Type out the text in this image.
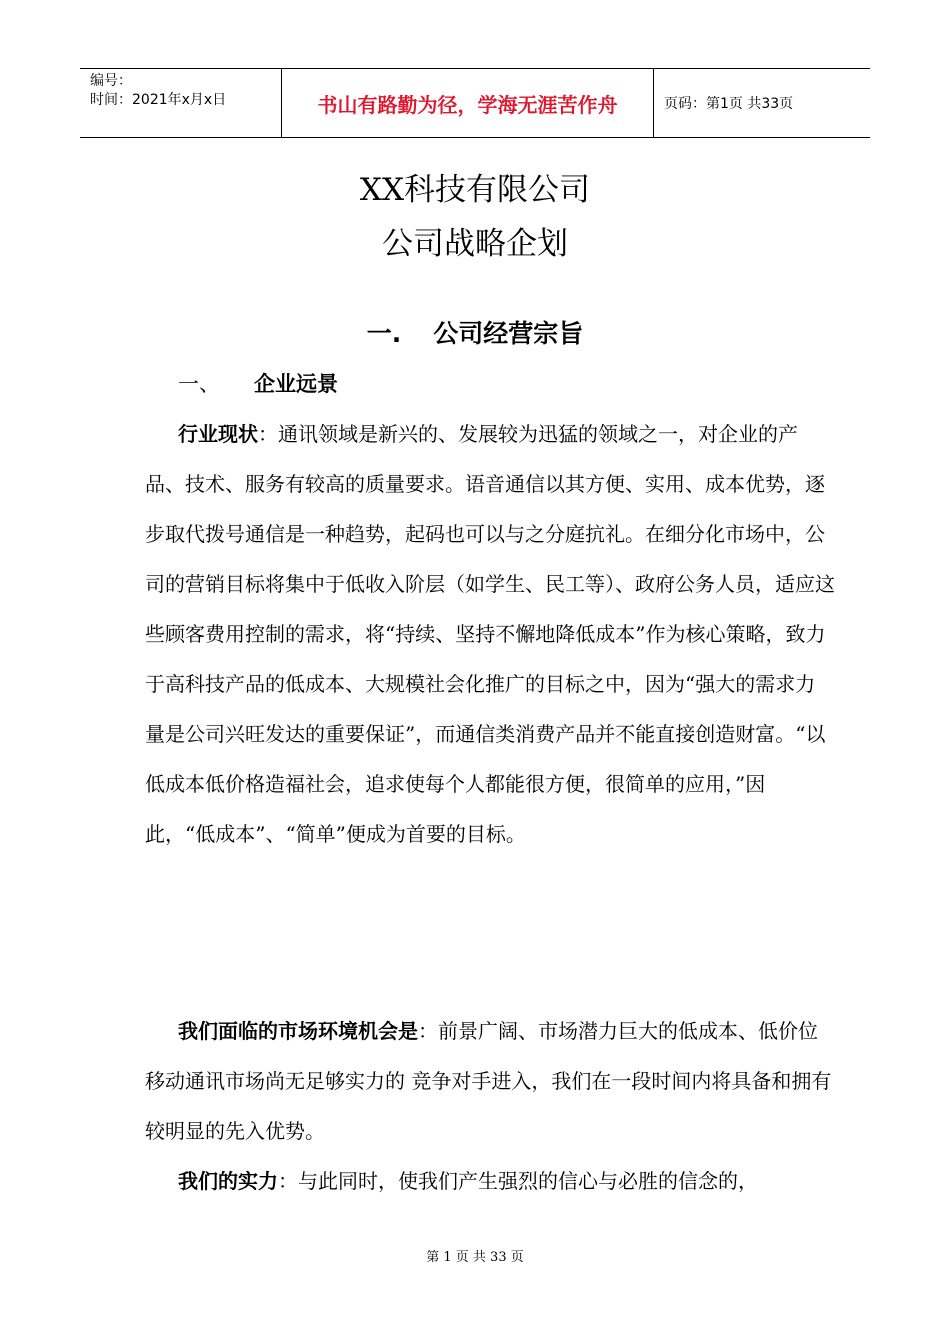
编号：
时间：2021年x月x日	书山有路勤为径，学海无涯苦作舟	页码：第1页 共33页
XX科技有限公司
公司战略企划
一. 公司经营宗旨
一、 企业远景

行业现状：通讯领域是新兴的、发展较为迅猛的领域之一，对企业的产品、技术、服务有较高的质量要求。语音通信以其方便、实用、成本优势，逐步取代拨号通信是一种趋势，起码也可以与之分庭抗礼。在细分化市场中，公司的营销目标将集中于低收入阶层（如学生、民工等）、政府公务人员，适应这些顾客费用控制的需求，将“持续、坚持不懈地降低成本”作为核心策略，致力于高科技产品的低成本、大规模社会化推广的目标之中，因为“强大的需求力量是公司兴旺发达的重要保证”，而通信类消费产品并不能直接创造财富。“以低成本低价格造福社会，追求使每个人都能很方便，很简单的应用，”因此，“低成本”、“简单”便成为首要的目标。

我们面临的市场环境机会是：前景广阔、市场潜力巨大的低成本、低价位移动通讯市场尚无足够实力的 竞争对手进入，我们在一段时间内将具备和拥有较明显的先入优势。

我们的实力：与此同时，使我们产生强烈的信心与必胜的信念的，

第 1 页 共 33 页
